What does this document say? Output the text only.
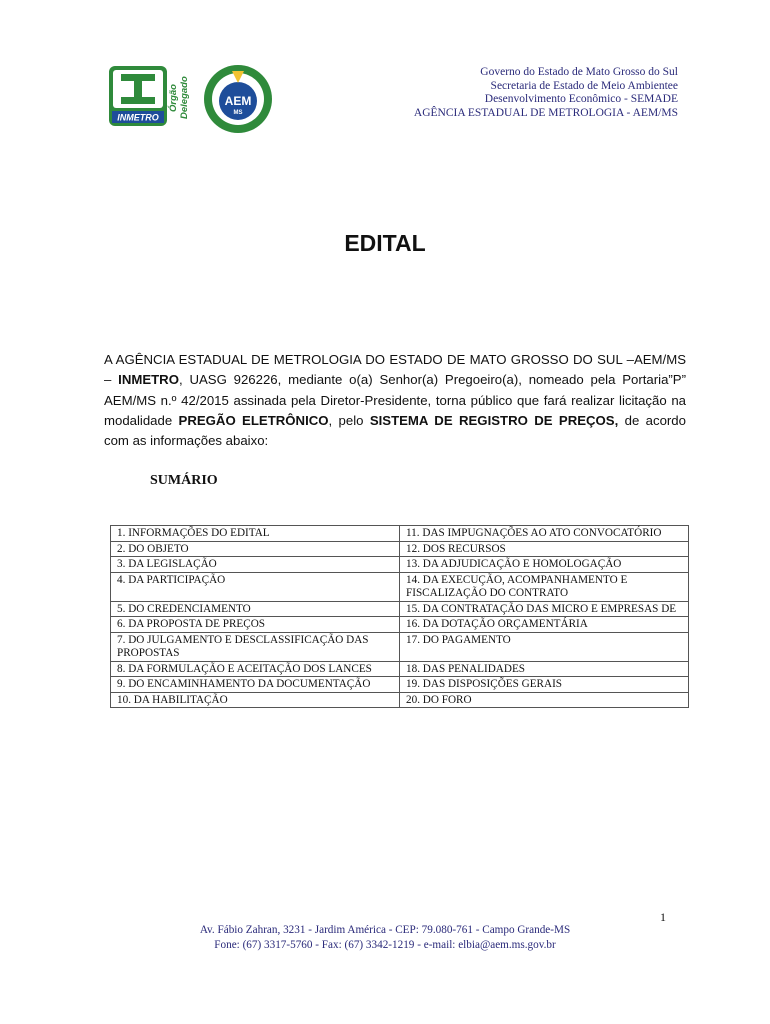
INMETRO
Órgão Delegado	AEM
MS
Governo do Estado de Mato Grosso do Sul
Secretaria de Estado de Meio Ambientee
Desenvolvimento Econômico - SEMADE
AGÊNCIA ESTADUAL DE METROLOGIA - AEM/MS
EDITAL
A AGÊNCIA ESTADUAL DE METROLOGIA DO ESTADO DE MATO GROSSO DO SUL –AEM/MS – INMETRO, UASG 926226, mediante o(a) Senhor(a) Pregoeiro(a), nomeado pela Portaria”P” AEM/MS n.º 42/2015 assinada pela Diretor-Presidente, torna público que fará realizar licitação na modalidade PREGÃO ELETRÔNICO, pelo SISTEMA DE REGISTRO DE PREÇOS, de acordo com as informações abaixo:
SUMÁRIO
1. INFORMAÇÕES DO EDITAL	11. DAS IMPUGNAÇÕES AO ATO CONVOCATÓRIO
2. DO OBJETO	12. DOS RECURSOS
3. DA LEGISLAÇÃO	13. DA ADJUDICAÇÃO E HOMOLOGAÇÃO
4. DA PARTICIPAÇÃO	14. DA EXECUÇÃO, ACOMPANHAMENTO E FISCALIZAÇÃO DO CONTRATO
5. DO CREDENCIAMENTO	15. DA CONTRATAÇÃO DAS MICRO E EMPRESAS DE
6. DA PROPOSTA DE PREÇOS	16. DA DOTAÇÃO ORÇAMENTÁRIA
7. DO JULGAMENTO E DESCLASSIFICAÇÃO DAS PROPOSTAS	17. DO PAGAMENTO
8. DA FORMULAÇÃO E ACEITAÇÃO DOS LANCES	18. DAS PENALIDADES
9. DO ENCAMINHAMENTO DA DOCUMENTAÇÃO	19. DAS DISPOSIÇÕES GERAIS
10. DA HABILITAÇÃO	20. DO FORO
1
Av. Fábio Zahran, 3231 - Jardim América - CEP: 79.080-761 - Campo Grande-MS
Fone: (67) 3317-5760 - Fax: (67) 3342-1219 - e-mail: elbia@aem.ms.gov.br
